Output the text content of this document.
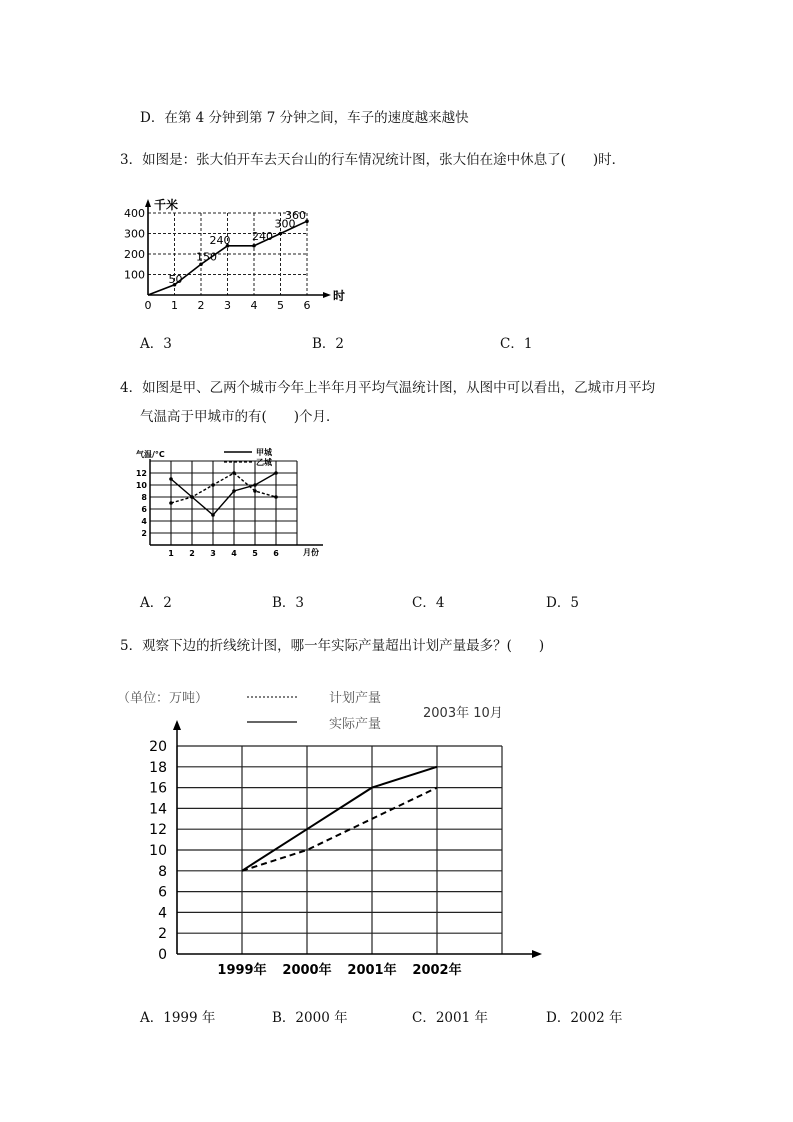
D．在第 4 分钟到第 7 分钟之间，车子的速度越来越快
3．如图是：张大伯开车去天台山的行车情况统计图，张大伯在途中休息了(　　)时．
千米
时
100
200
300
400
0 1 2 3 4 5 6
50
150
240 240
300
360
A．3	B．2	C．1
4．如图是甲、乙两个城市今年上半年月平均气温统计图，从图中可以看出，乙城市月平均
气温高于甲城市的有(　　)个月．
气温/°C
月份
2
4
6
8
10
12
1 2 3 4 5 6
甲城
乙城
A．2	B．3	C．4	D．5
5．观察下边的折线统计图，哪一年实际产量超出计划产量最多？(　　)
0
2
4
6
8
10
12
14
16
18
20
1999年 2000年 2001年 2002年
（单位：万吨）	计划产量
实际产量
2003年 10月
A．1999 年	B．2000 年	C．2001 年	D．2002 年
